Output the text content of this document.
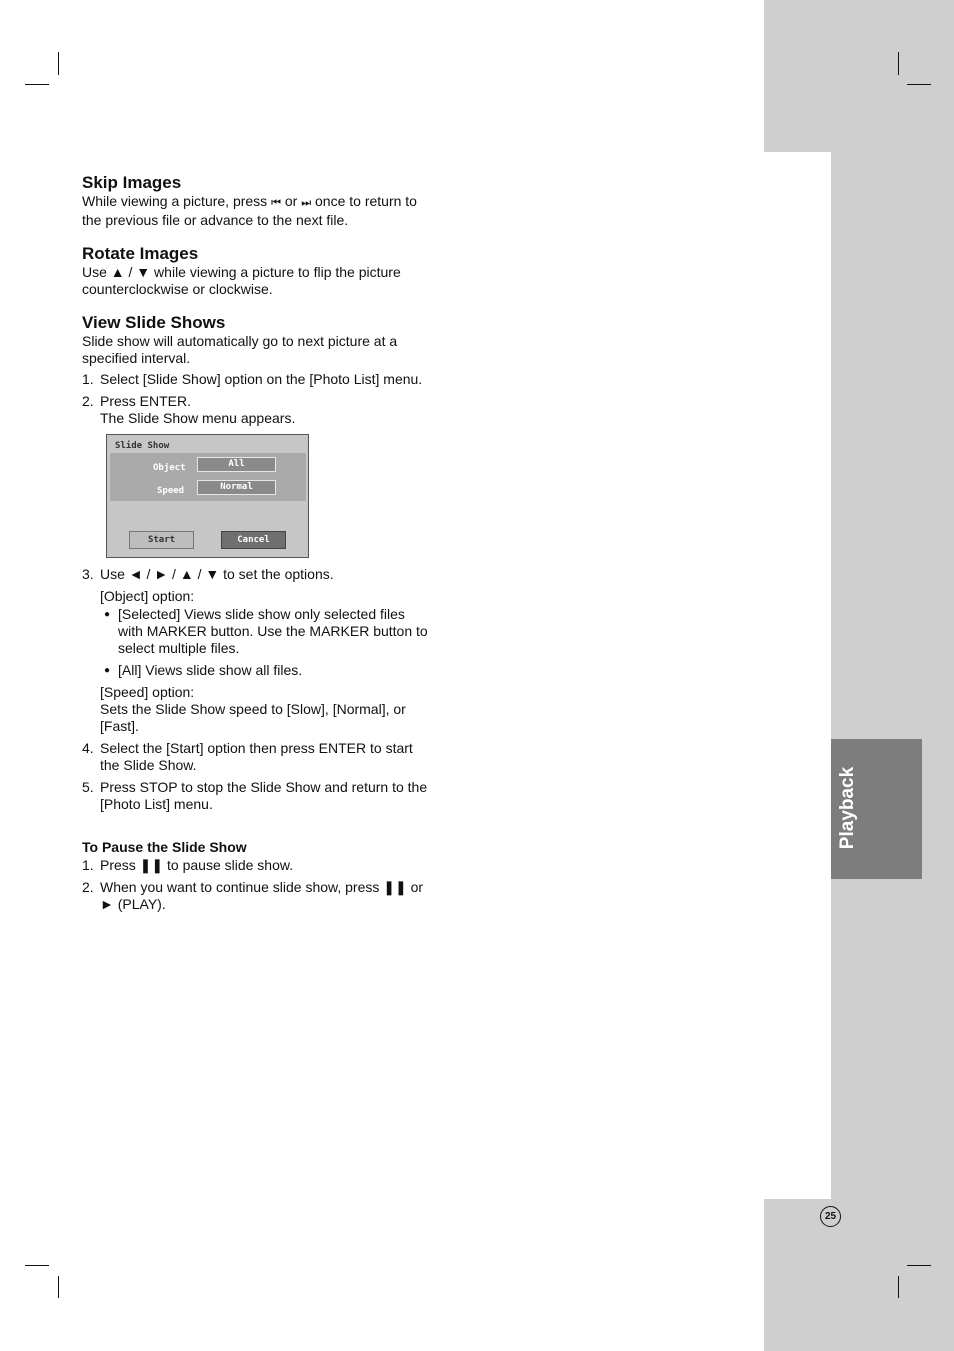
Playback
25
Skip Images

While viewing a picture, press ⏮ or ⏭ once to return to the previous file or advance to the next file.

Rotate Images

Use ▲ / ▼ while viewing a picture to flip the picture counterclockwise or clockwise.

View Slide Shows

Slide show will automatically go to next picture at a specified interval.

1. Select [Slide Show] option on the [Photo List] menu.
2. Press ENTER.
The Slide Show menu appears.
Slide Show
Object	All
Speed	Normal
Start	Cancel
3. Use ◄ / ► / ▲ / ▼ to set the options.

[Object] option:

● [Selected] Views slide show only selected files with MARKER button. Use the MARKER button to select multiple files.
● [All] Views slide show all files.

[Speed] option:

Sets the Slide Show speed to [Slow], [Normal], or [Fast].

4. Select the [Start] option then press ENTER to start the Slide Show.
5. Press STOP to stop the Slide Show and return to the [Photo List] menu.
To Pause the Slide Show
1. Press ❚❚ to pause slide show.
2. When you want to continue slide show, press ❚❚ or ► (PLAY).
